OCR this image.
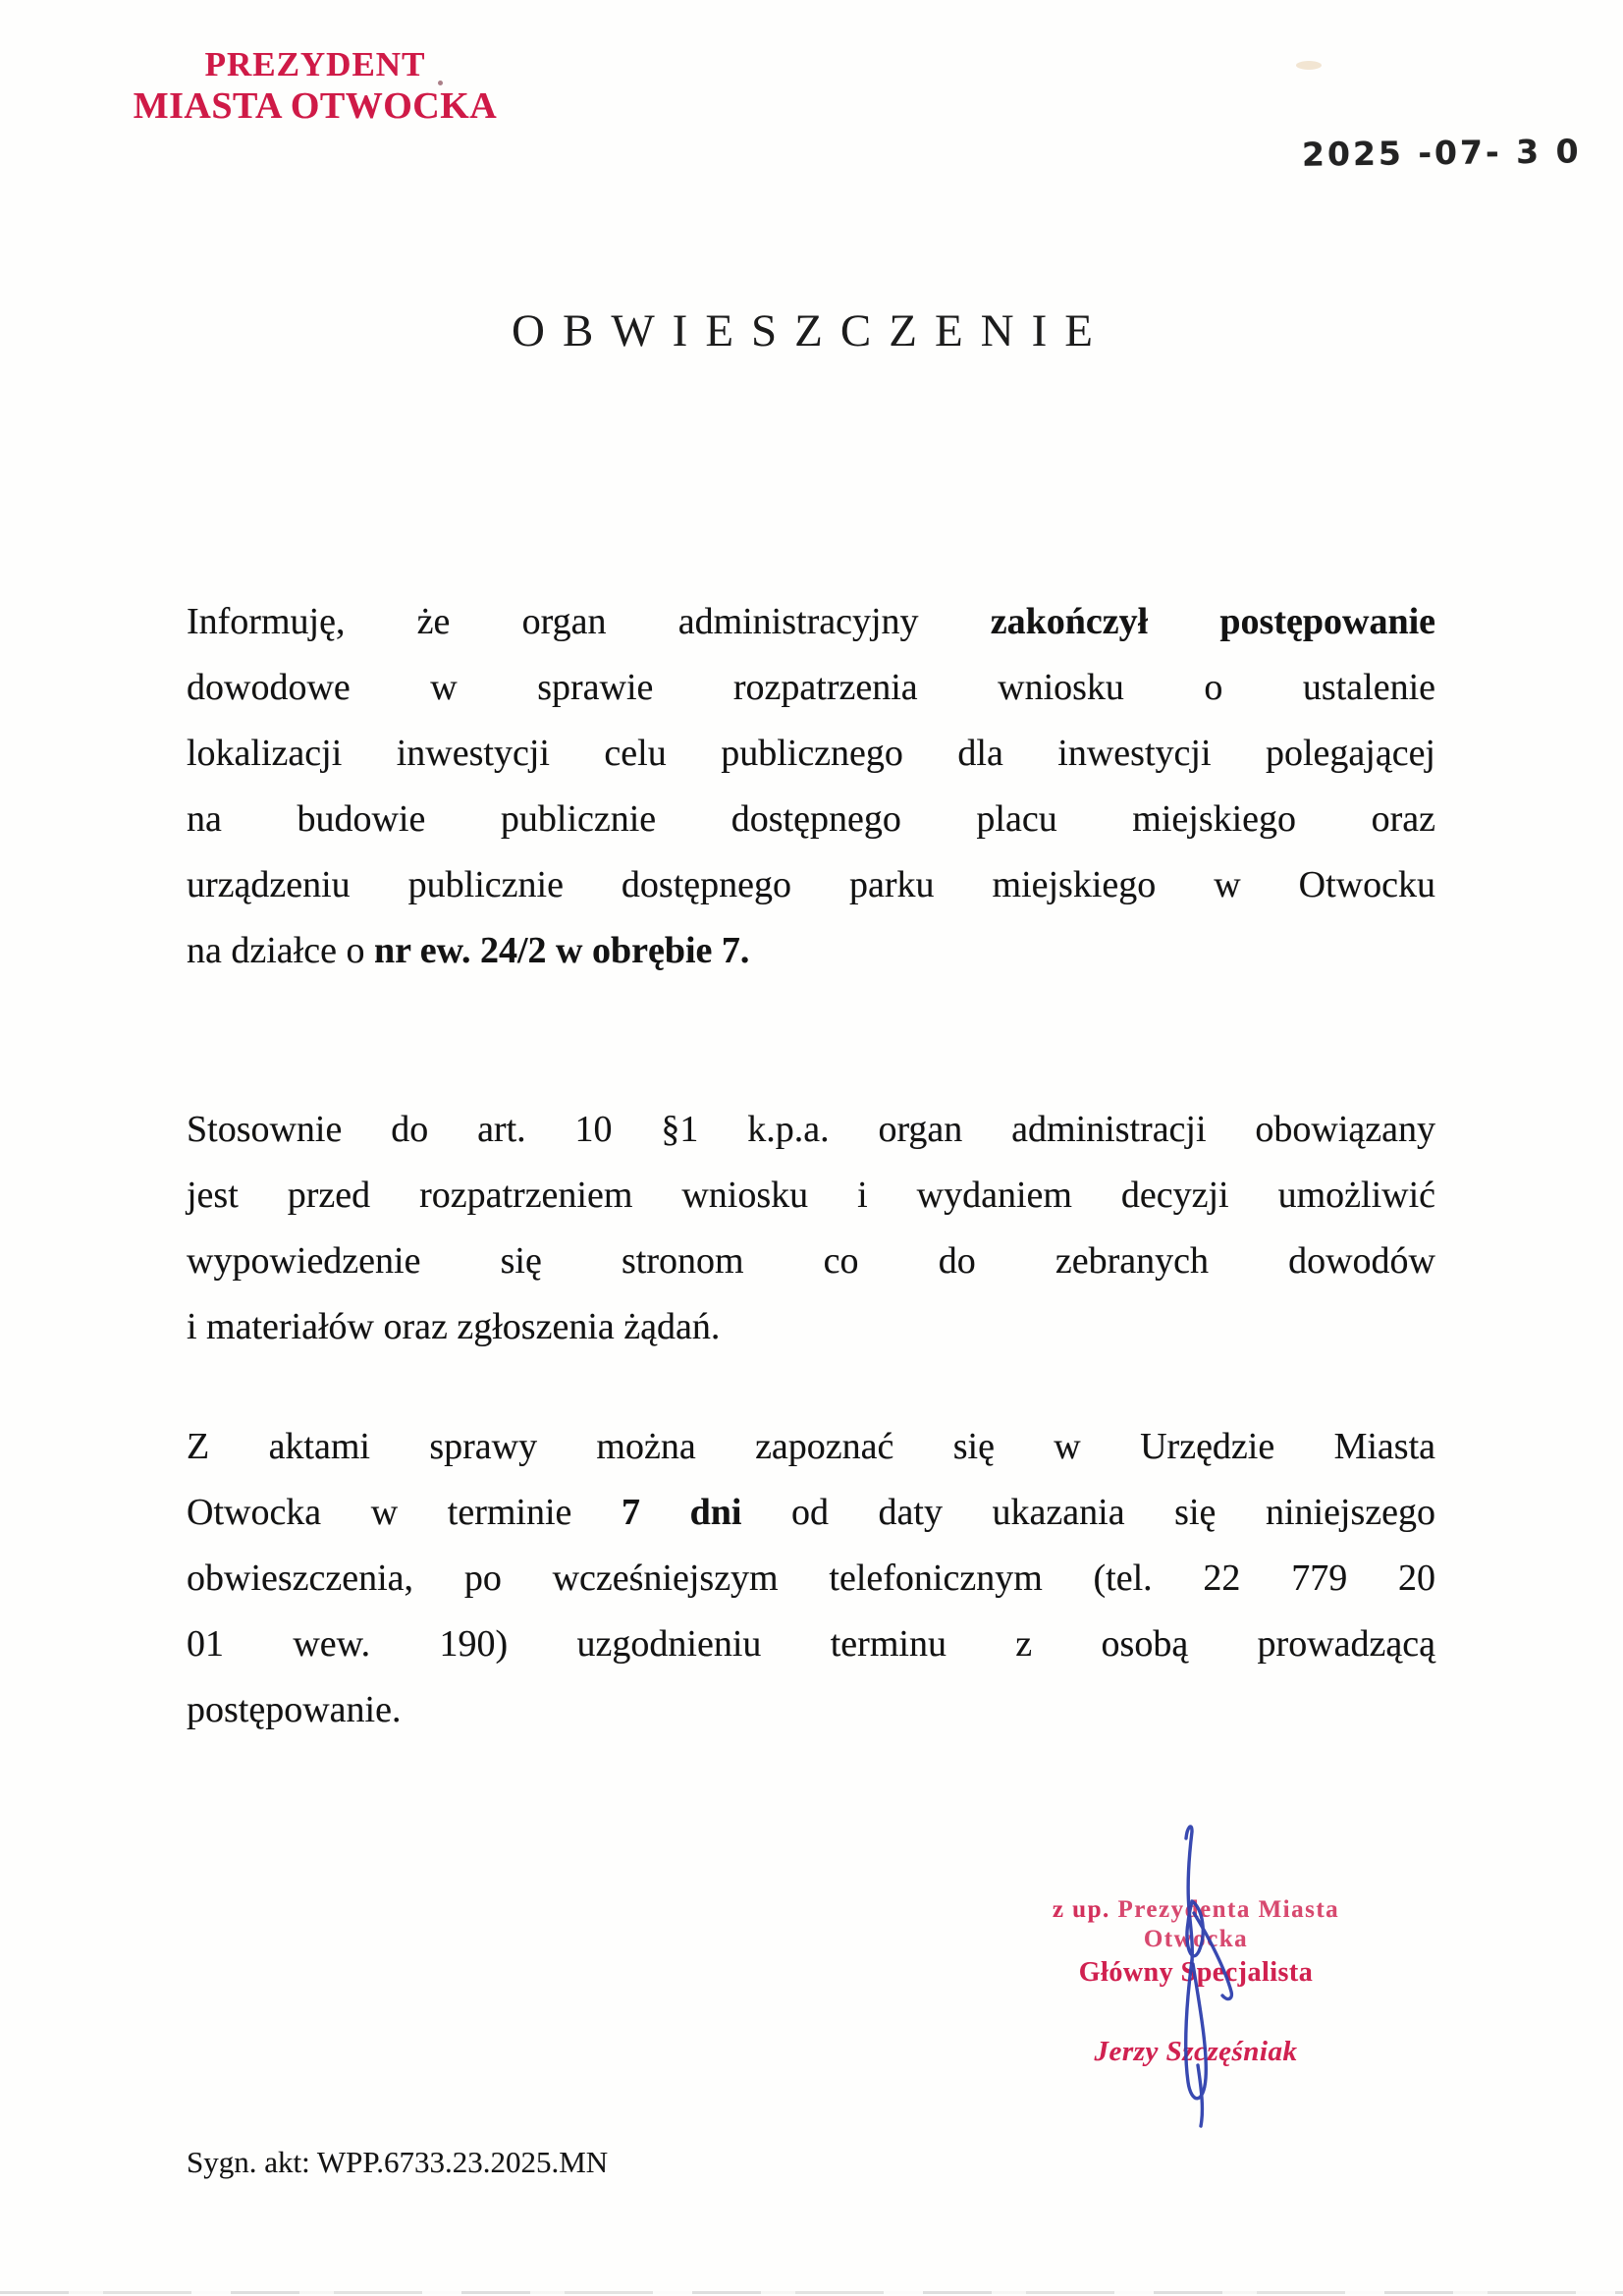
PREZYDENT
MIASTA OTWOCKA
2025 -07- 3 0
OBWIESZCZENIE
Informuję, że organ administracyjny zakończył postępowanie
dowodowe w sprawie rozpatrzenia wniosku o ustalenie
lokalizacji inwestycji celu publicznego dla inwestycji polegającej
na budowie publicznie dostępnego placu miejskiego oraz
urządzeniu publicznie dostępnego parku miejskiego w Otwocku
na działce o nr ew. 24/2 w obrębie 7.
Stosownie do art. 10 §1 k.p.a. organ administracji obowiązany
jest przed rozpatrzeniem wniosku i wydaniem decyzji umożliwić
wypowiedzenie się stronom co do zebranych dowodów
i materiałów oraz zgłoszenia żądań.
Z aktami sprawy można zapoznać się w Urzędzie Miasta
Otwocka w terminie 7 dni od daty ukazania się niniejszego
obwieszczenia, po wcześniejszym telefonicznym (tel. 22 779 20
01 wew. 190) uzgodnieniu terminu z osobą prowadzącą
postępowanie.
z up. Prezydenta Miasta Otwocka
Główny Specjalista
Jerzy Szczęśniak
Sygn. akt: WPP.6733.23.2025.MN
